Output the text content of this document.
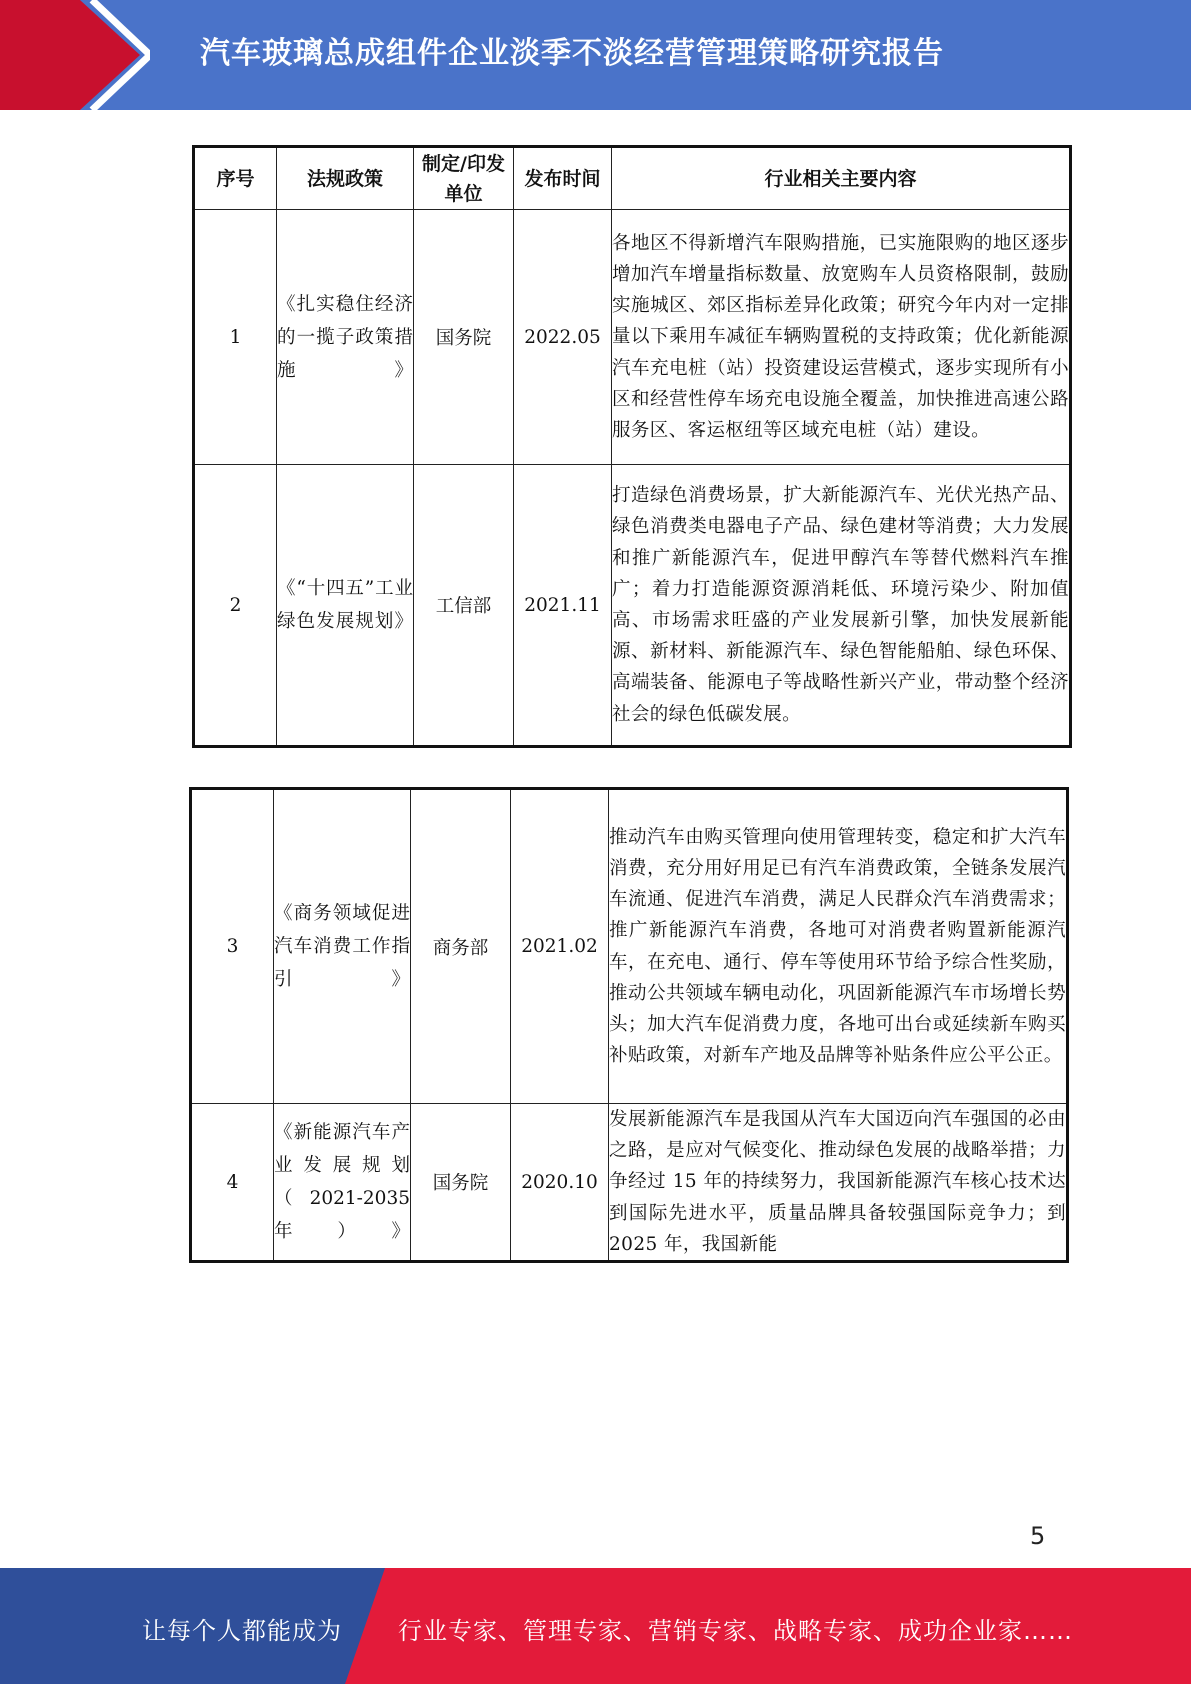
汽车玻璃总成组件企业淡季不淡经营管理策略研究报告
序号	法规政策	制定/印发单位	发布时间	行业相关主要内容
1	《扎实稳住经济的一揽子政策措施》	国务院	2022.05	各地区不得新增汽车限购措施，已实施限购的地区逐步增加汽车增量指标数量、放宽购车人员资格限制，鼓励实施城区、郊区指标差异化政策；研究今年内对一定排量以下乘用车减征车辆购置税的支持政策；优化新能源汽车充电桩（站）投资建设运营模式，逐步实现所有小区和经营性停车场充电设施全覆盖，加快推进高速公路服务区、客运枢纽等区域充电桩（站）建设。
2	《“十四五”工业绿色发展规划》	工信部	2021.11	打造绿色消费场景，扩大新能源汽车、光伏光热产品、绿色消费类电器电子产品、绿色建材等消费；大力发展和推广新能源汽车，促进甲醇汽车等替代燃料汽车推广；着力打造能源资源消耗低、环境污染少、附加值高、市场需求旺盛的产业发展新引擎，加快发展新能源、新材料、新能源汽车、绿色智能船舶、绿色环保、高端装备、能源电子等战略性新兴产业，带动整个经济社会的绿色低碳发展。
3	《商务领域促进汽车消费工作指引》	商务部	2021.02	推动汽车由购买管理向使用管理转变，稳定和扩大汽车消费，充分用好用足已有汽车消费政策，全链条发展汽车流通、促进汽车消费，满足人民群众汽车消费需求；推广新能源汽车消费，各地可对消费者购置新能源汽车，在充电、通行、停车等使用环节给予综合性奖励，推动公共领域车辆电动化，巩固新能源汽车市场增长势头；加大汽车促消费力度，各地可出台或延续新车购买补贴政策，对新车产地及品牌等补贴条件应公平公正。
4	《新能源汽车产业发展规划（2021-2035年）》	国务院	2020.10	发展新能源汽车是我国从汽车大国迈向汽车强国的必由之路，是应对气候变化、推动绿色发展的战略举措；力争经过 15 年的持续努力，我国新能源汽车核心技术达到国际先进水平，质量品牌具备较强国际竞争力；到 2025 年，我国新能
5
让每个人都能成为 行业专家、管理专家、营销专家、战略专家、成功企业家……
